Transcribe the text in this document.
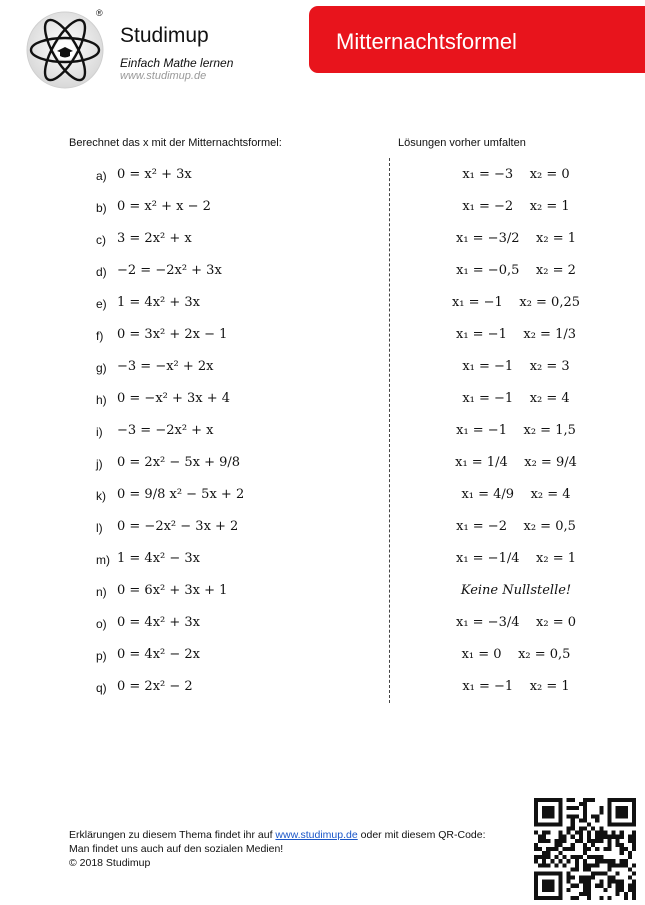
®
Studimup
Einfach Mathe lernen
www.studimup.de
Mitternachtsformel
Berechnet das x mit der Mitternachtsformel:	Lösungen vorher umfalten
a) 0 = x² + 3x	x₁ = −3    x₂ = 0
b) 0 = x² + x − 2	x₁ = −2    x₂ = 1
c) 3 = 2x² + x	x₁ = −3/2    x₂ = 1
d) −2 = −2x² + 3x	x₁ = −0,5    x₂ = 2
e) 1 = 4x² + 3x	x₁ = −1    x₂ = 0,25
f) 0 = 3x² + 2x − 1	x₁ = −1    x₂ = 1/3
g) −3 = −x² + 2x	x₁ = −1    x₂ = 3
h) 0 = −x² + 3x + 4	x₁ = −1    x₂ = 4
i) −3 = −2x² + x	x₁ = −1    x₂ = 1,5
j) 0 = 2x² − 5x + 9/8	x₁ = 1/4    x₂ = 9/4
k) 0 = 9/8 x² − 5x + 2	x₁ = 4/9    x₂ = 4
l) 0 = −2x² − 3x + 2	x₁ = −2    x₂ = 0,5
m) 1 = 4x² − 3x	x₁ = −1/4    x₂ = 1
n) 0 = 6x² + 3x + 1	Keine Nullstelle!
o) 0 = 4x² + 3x	x₁ = −3/4    x₂ = 0
p) 0 = 4x² − 2x	x₁ = 0    x₂ = 0,5
q) 0 = 2x² − 2	x₁ = −1    x₂ = 1
Erklärungen zu diesem Thema findet ihr auf www.studimup.de oder mit diesem QR-Code:
Man findet uns auch auf den sozialen Medien!
© 2018 Studimup
